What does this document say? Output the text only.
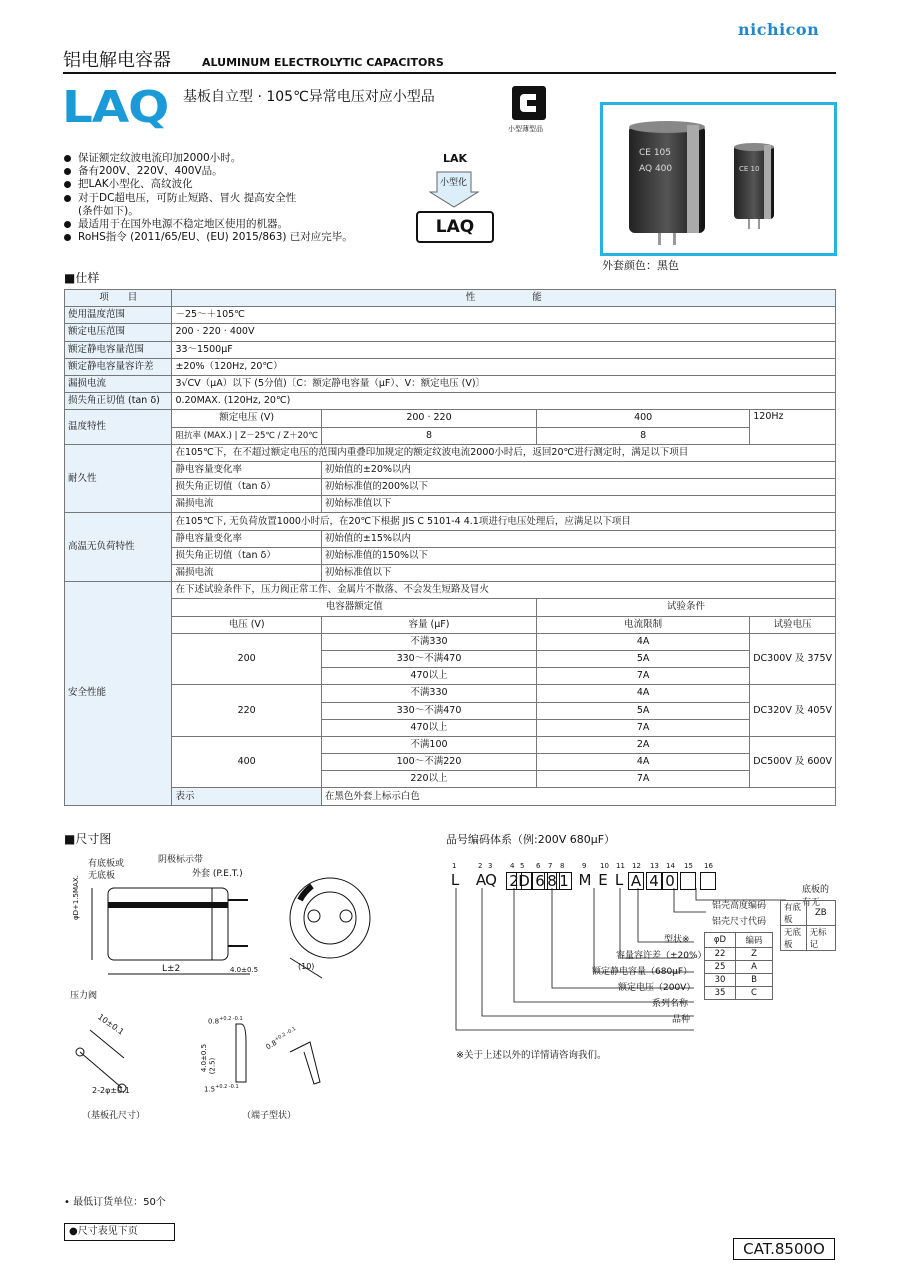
nichicon
铝电解电容器	ALUMINUM ELECTROLYTIC CAPACITORS
LAQ 基板自立型 · 105℃异常电压对应小型品
小型薄型品
保证额定纹波电流印加2000小时。
备有200V、220V、400V品。
把LAK小型化、高纹波化
对于DC超电压，可防止短路、冒火 提高安全性(条件如下)。
最适用于在国外电源不稳定地区使用的机器。
RoHS指令 (2011/65/EU、(EU) 2015/863) 已对应完毕。
LAK
小型化
LAQ
CE 105
AQ 400	CE 10
外套颜色：黑色
■仕样
项　　目	性　　　　　　能			
使用温度范围	－25～＋105℃			
额定电压范围	200 · 220 · 400V			
额定静电容量范围	33～1500μF			
额定静电容量容许差	±20%（120Hz, 20℃）			
漏损电流	3√CV（μA）以下 (5分值)〔C：额定静电容量（μF）、V：额定电压 (V)〕			
损失角正切值 (tan δ)	0.20MAX. (120Hz, 20℃)			
温度特性	额定电压 (V)	200 · 220	400	120Hz
	阻抗率 (MAX.) | Z－25℃ / Z＋20℃	8	8	
耐久性	在105℃下，在不超过额定电压的范围内重叠印加规定的额定纹波电流2000小时后，返回20℃进行测定时，满足以下项目			
	静电容量变化率	初始值的±20%以内		
	损失角正切值（tan δ）	初始标准值的200%以下		
	漏损电流	初始标准值以下		
高温无负荷特性	在105℃下, 无负荷放置1000小时后，在20℃下根据 JIS C 5101-4 4.1项进行电压处理后，应满足以下项目			
	静电容量变化率	初始值的±15%以内		
	损失角正切值（tan δ）	初始标准值的150%以下		
	漏损电流	初始标准值以下		
安全性能	在下述试验条件下，压力阀正常工作、金属片不散落、不会发生短路及冒火			
	电容器额定值		试验条件	
	电压 (V)	容量 (μF)	电流限制	试验电压
	200	不满330	4A	DC300V 及 375V
		330～不满470	5A	
		470以上	7A	
	220	不满330	4A	DC320V 及 405V
		330～不满470	5A	
		470以上	7A	
	400	不满100	2A	DC500V 及 600V
		100～不满220	4A	
		220以上	7A	
	表示	在黑色外套上标示白色		
■尺寸图
有底板或
无底板
阴极标示带
外套 (P.E.T.)
φD+1.5MAX.
L±2	4.0±0.5
压力阀
(10)
10±0.1
2-2φ±0.1
（基板孔尺寸）
$0.8^{+0.2 -0.1}$
4.0±0.5 (2.5)
$1.5^{+0.2 -0.1}$
$0.8^{+0.2 -0.1}$
（端子型状）
品号编码体系（例:200V 680μF）
1	2 3	4 5 6 7 8	9 10 11 12 13 14 15 16
L A
Q 2 D 6 8 1 M E L A 4 0	底板的有无
铝壳高度编码
铝壳尺寸代码
有底板	ZB
无底板	无标记
型状※
容量容许差（±20%）
额定静电容量（680μF）
额定电压（200V）
系列名称
品种
φD	编码
22	Z
25	A
30	B
35	C
※关于上述以外的详情请咨询我们。
• 最低订货单位：50个
●尺寸表见下页
CAT.8500O
